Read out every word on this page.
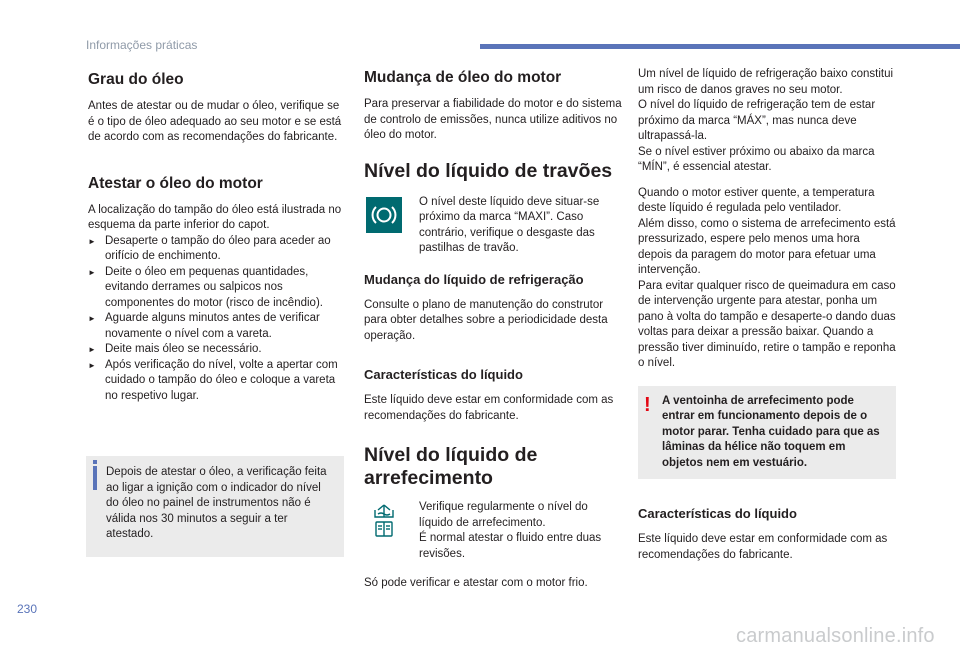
Informações práticas
Grau do óleo

Antes de atestar ou de mudar o óleo, verifique se é o tipo de óleo adequado ao seu motor e se está de acordo com as recomendações do fabricante.

Atestar o óleo do motor

A localização do tampão do óleo está ilustrada no esquema da parte inferior do capot.

► Desaperte o tampão do óleo para aceder ao orifício de enchimento.
► Deite o óleo em pequenas quantidades, evitando derrames ou salpicos nos componentes do motor (risco de incêndio).
► Aguarde alguns minutos antes de verificar novamente o nível com a vareta.
► Deite mais óleo se necessário.
► Após verificação do nível, volte a apertar com cuidado o tampão do óleo e coloque a vareta no respetivo lugar.

Depois de atestar o óleo, a verificação feita ao ligar a ignição com o indicador do nível do óleo no painel de instrumentos não é válida nos 30 minutos a seguir a ter atestado.

Mudança de óleo do motor

Para preservar a fiabilidade do motor e do sistema de controlo de emissões, nunca utilize aditivos no óleo do motor.

Nível do líquido de travões

O nível deste líquido deve situar-se próximo da marca “MAXI”. Caso contrário, verifique o desgaste das pastilhas de travão.

Mudança do líquido de refrigeração

Consulte o plano de manutenção do construtor para obter detalhes sobre a periodicidade desta operação.

Características do líquido

Este líquido deve estar em conformidade com as recomendações do fabricante.

Nível do líquido de
arrefecimento

Verifique regularmente o nível do líquido de arrefecimento.

É normal atestar o fluido entre duas revisões.

Só pode verificar e atestar com o motor frio.

Um nível de líquido de refrigeração baixo constitui um risco de danos graves no seu motor.

O nível do líquido de refrigeração tem de estar próximo da marca “MÁX”, mas nunca deve ultrapassá-la.

Se o nível estiver próximo ou abaixo da marca “MÍN”, é essencial atestar.

Quando o motor estiver quente, a temperatura deste líquido é regulada pelo ventilador.

Além disso, como o sistema de arrefecimento está pressurizado, espere pelo menos uma hora depois da paragem do motor para efetuar uma intervenção.

Para evitar qualquer risco de queimadura em caso de intervenção urgente para atestar, ponha um pano à volta do tampão e desaperte-o dando duas voltas para deixar a pressão baixar. Quando a pressão tiver diminuído, retire o tampão e reponha o nível.

! A ventoinha de arrefecimento pode entrar em funcionamento depois de o motor parar. Tenha cuidado para que as lâminas da hélice não toquem em objetos nem em vestuário.

Características do líquido

Este líquido deve estar em conformidade com as recomendações do fabricante.

230
carmanualsonline.info
